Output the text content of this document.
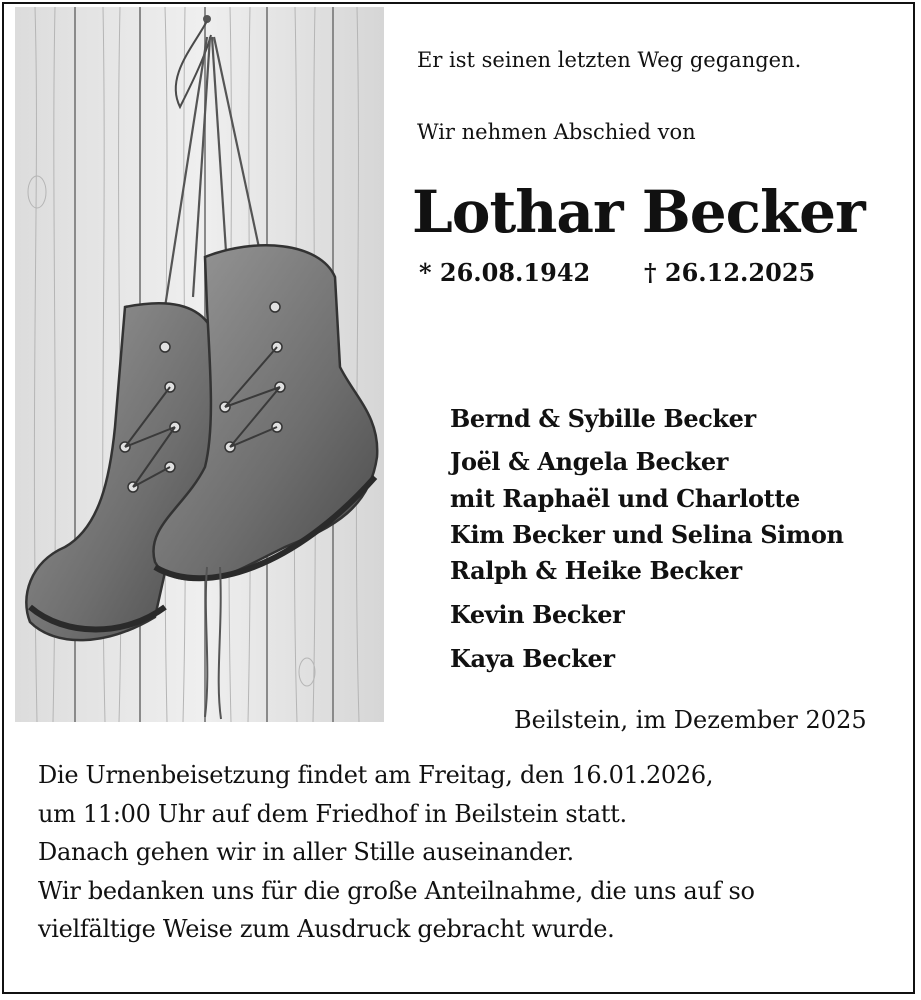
Er ist seinen letzten Weg gegangen.
Wir nehmen Abschied von
Lothar Becker
* 26.08.1942 † 26.12.2025
Bernd & Sybille Becker
Joël & Angela Becker
mit Raphaël und Charlotte
Kim Becker und Selina Simon
Ralph & Heike Becker
Kevin Becker
Kaya Becker
Beilstein, im Dezember 2025
Die Urnenbeisetzung findet am Freitag, den 16.01.2026,
um 11:00 Uhr auf dem Friedhof in Beilstein statt.
Danach gehen wir in aller Stille auseinander.
Wir bedanken uns für die große Anteilnahme, die uns auf so
vielfältige Weise zum Ausdruck gebracht wurde.
